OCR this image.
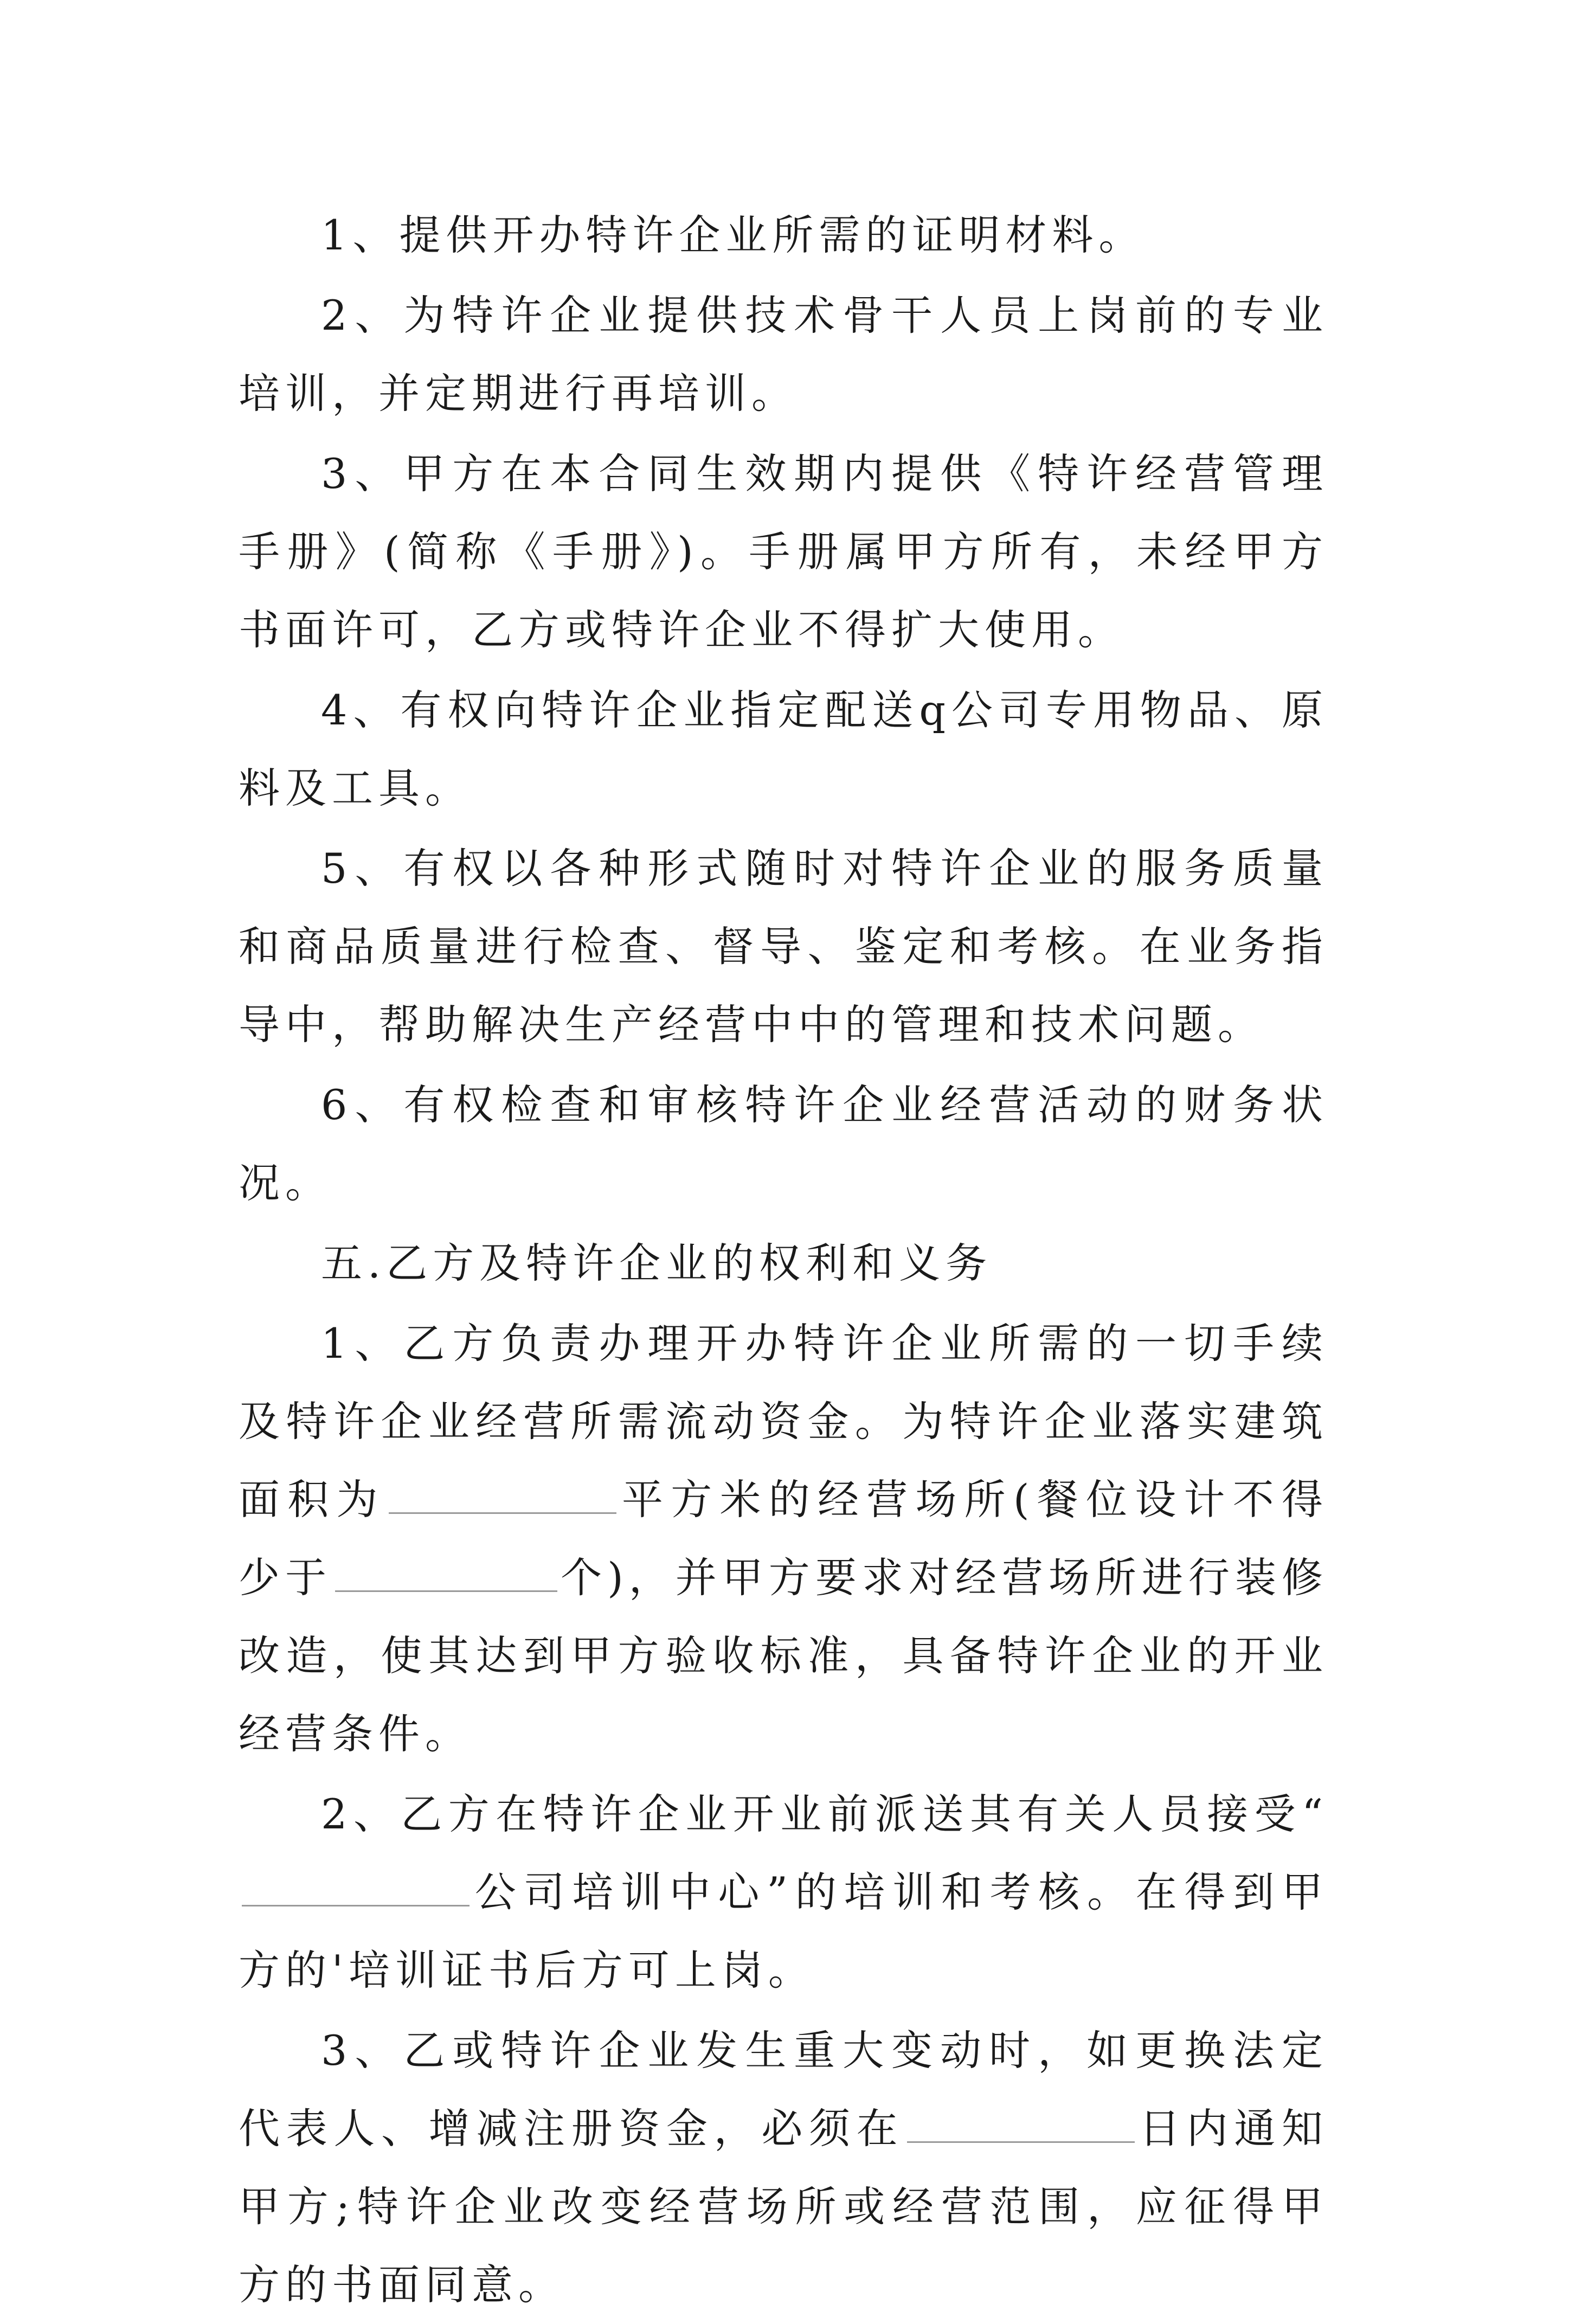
1、提供开办特许企业所需的证明材料。

2、为特许企业提供技术骨干人员上岗前的专业培训，并定期进行再培训。

3、甲方在本合同生效期内提供《特许经营管理手册》(简称《手册》)。手册属甲方所有，未经甲方书面许可，乙方或特许企业不得扩大使用。

4、有权向特许企业指定配送q公司专用物品、原料及工具。

5、有权以各种形式随时对特许企业的服务质量和商品质量进行检查、督导、鉴定和考核。在业务指导中，帮助解决生产经营中中的管理和技术问题。

6、有权检查和审核特许企业经营活动的财务状况。

五.乙方及特许企业的权利和义务

1、乙方负责办理开办特许企业所需的一切手续及特许企业经营所需流动资金。为特许企业落实建筑面积为	平方米的经营场所(餐位设计不得少于	个)，并甲方要求对经营场所进行装修改造，使其达到甲方验收标准，具备特许企业的开业经营条件。

2、乙方在特许企业开业前派送其有关人员接受“公司培训中心”的培训和考核。在得到甲方的'培训证书后方可上岗。

3、乙或特许企业发生重大变动时，如更换法定代表人、增减注册资金，必须在	日内通知甲方;特许企业改变经营场所或经营范围，应征得甲方的书面同意。
